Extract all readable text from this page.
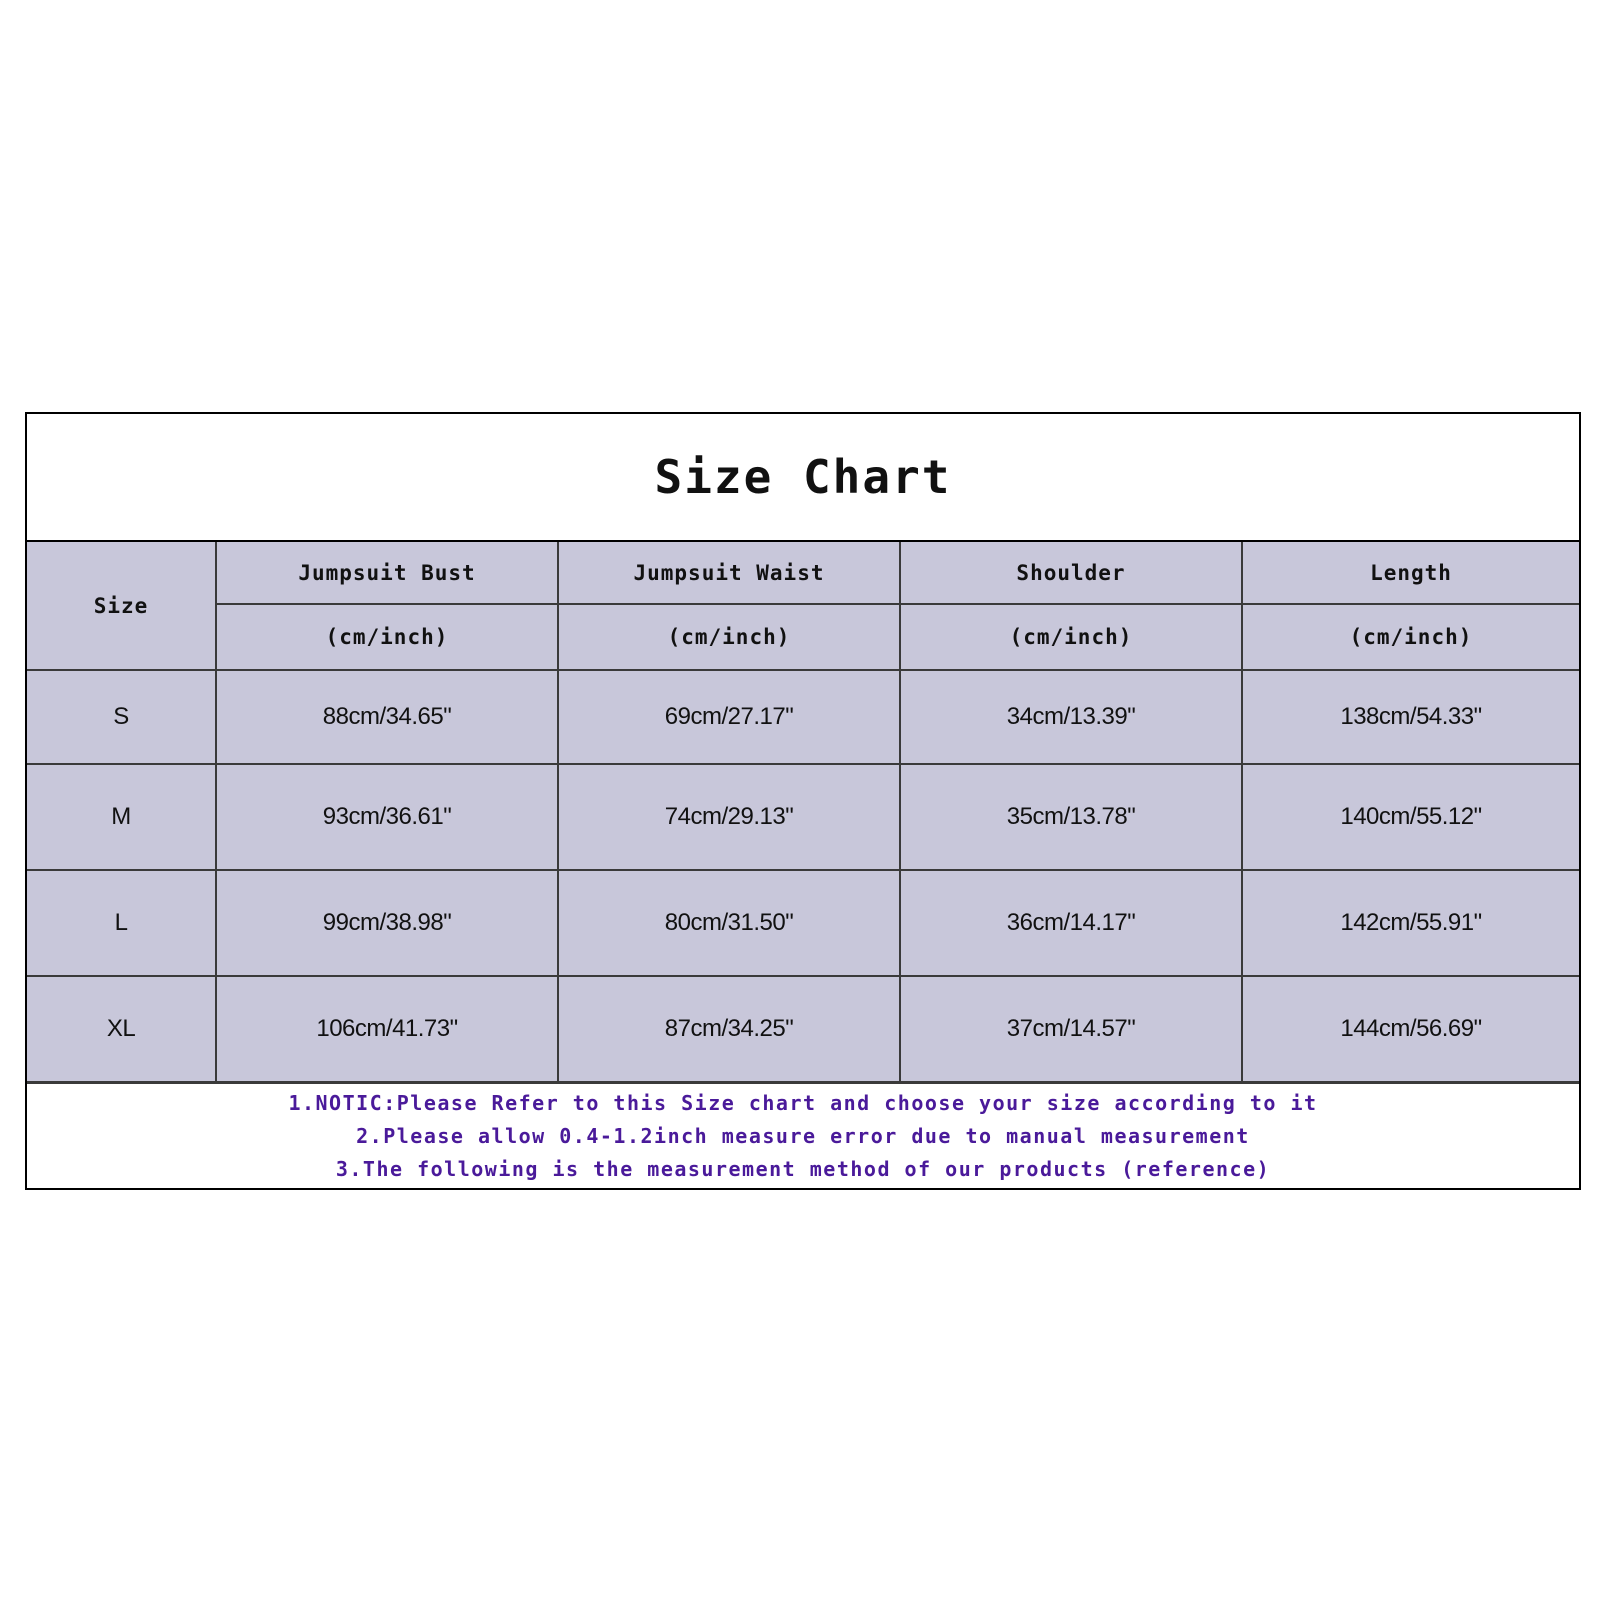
Size Chart
Size	Jumpsuit Bust	Jumpsuit Waist	Shoulder	Length
	(cm/inch)	(cm/inch)	(cm/inch)	(cm/inch)
S	88cm/34.65"	69cm/27.17"	34cm/13.39"	138cm/54.33"
M	93cm/36.61"	74cm/29.13"	35cm/13.78"	140cm/55.12"
L	99cm/38.98"	80cm/31.50"	36cm/14.17"	142cm/55.91"
XL	106cm/41.73"	87cm/34.25"	37cm/14.57"	144cm/56.69"
1.NOTIC:Please Refer to this Size chart and choose your size according to it
2.Please allow 0.4-1.2inch measure error due to manual measurement
3.The following is the measurement method of our products (reference)
